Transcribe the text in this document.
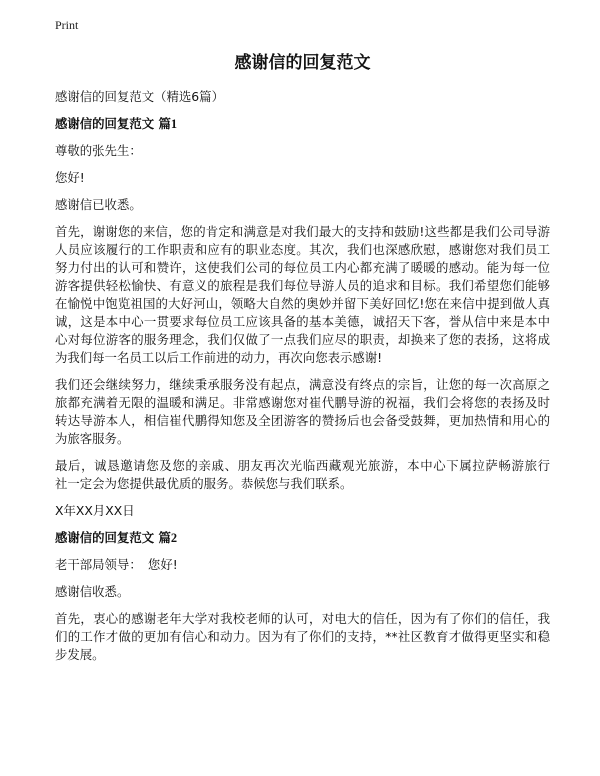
Print
感谢信的回复范文

感谢信的回复范文（精选6篇）

感谢信的回复范文 篇1

尊敬的张先生：

您好!

感谢信已收悉。

首先，谢谢您的来信，您的肯定和满意是对我们最大的支持和鼓励!这些都是我们公司导游人员应该履行的工作职责和应有的职业态度。其次，我们也深感欣慰，感谢您对我们员工努力付出的认可和赞许，这使我们公司的每位员工内心都充满了暖暖的感动。能为每一位游客提供轻松愉快、有意义的旅程是我们每位导游人员的追求和目标。我们希望您们能够在愉悦中饱览祖国的大好河山，领略大自然的奥妙并留下美好回忆!您在来信中提到做人真诚，这是本中心一贯要求每位员工应该具备的基本美德，诚招天下客，誉从信中来是本中心对每位游客的服务理念，我们仅做了一点我们应尽的职责，却换来了您的表扬，这将成为我们每一名员工以后工作前进的动力，再次向您表示感谢!

我们还会继续努力，继续秉承服务没有起点，满意没有终点的宗旨，让您的每一次高原之旅都充满着无限的温暖和满足。非常感谢您对崔代鹏导游的祝福，我们会将您的表扬及时转达导游本人，相信崔代鹏得知您及全团游客的赞扬后也会备受鼓舞，更加热情和用心的为旅客服务。

最后，诚恳邀请您及您的亲戚、朋友再次光临西藏观光旅游，本中心下属拉萨畅游旅行　社一定会为您提供最优质的服务。恭候您与我们联系。

X年XX月XX日

感谢信的回复范文 篇2

老干部局领导：　您好!

感谢信收悉。

首先，衷心的感谢老年大学对我校老师的认可，对电大的信任，因为有了你们的信任，我们的工作才做的更加有信心和动力。因为有了你们的支持，**社区教育才做得更坚实和稳步发展。
